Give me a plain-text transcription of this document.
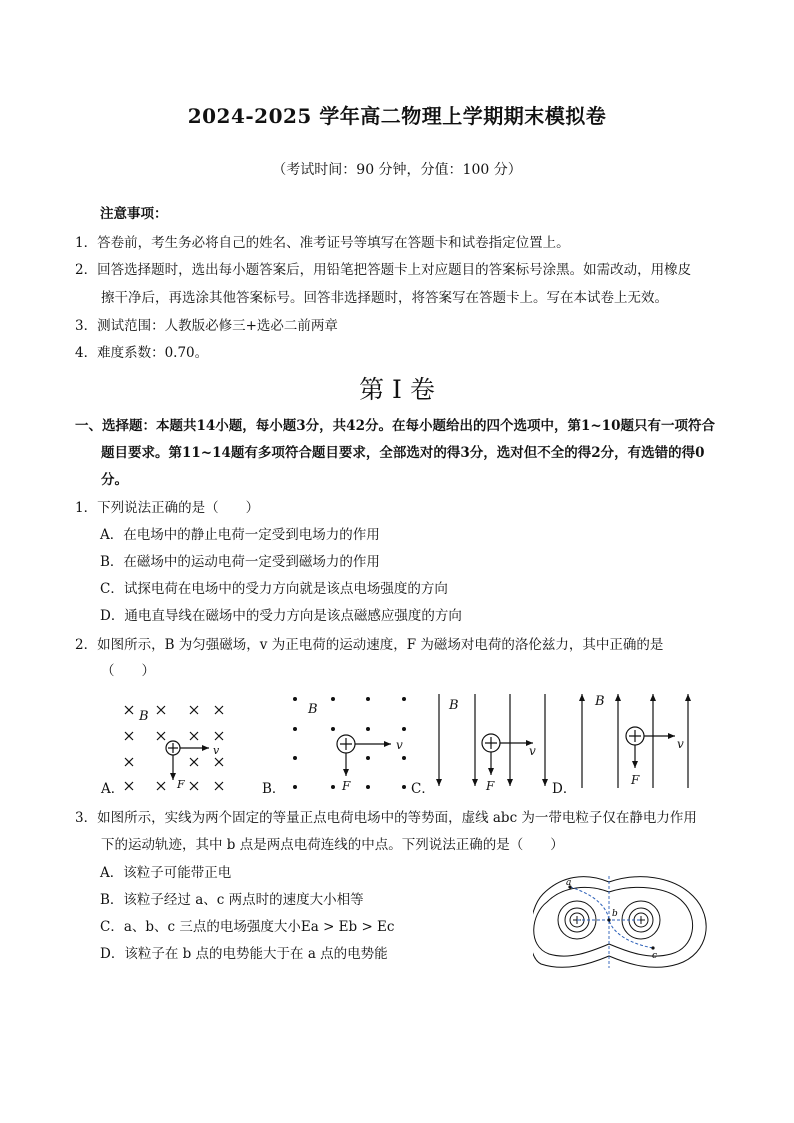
2024-2025 学年高二物理上学期期末模拟卷
（考试时间：90 分钟，分值：100 分）
注意事项：
1．答卷前，考生务必将自己的姓名、准考证号等填写在答题卡和试卷指定位置上。
2．回答选择题时，选出每小题答案后，用铅笔把答题卡上对应题目的答案标号涂黑。如需改动，用橡皮
擦干净后，再选涂其他答案标号。回答非选择题时，将答案写在答题卡上。写在本试卷上无效。
3．测试范围：人教版必修三+选必二前两章
4．难度系数：0.70。
第 I 卷
一、选择题：本题共14小题，每小题3分，共42分。在每小题给出的四个选项中，第1~10题只有一项符合
题目要求。第11~14题有多项符合题目要求，全部选对的得3分，选对但不全的得2分，有选错的得0
分。
1．下列说法正确的是（　　）
A．在电场中的静止电荷一定受到电场力的作用
B．在磁场中的运动电荷一定受到磁场力的作用
C．试探电荷在电场中的受力方向就是该点电场强度的方向
D．通电直导线在磁场中的受力方向是该点磁感应强度的方向
2．如图所示，B 为匀强磁场，v 为正电荷的运动速度，F 为磁场对电荷的洛伦兹力，其中正确的是
（　　）
B
v
F
A．
B
v
F
B．
B
v
F
C．
B
v
F
D．
3．如图所示，实线为两个固定的等量正点电荷电场中的等势面，虚线 abc 为一带电粒子仅在静电力作用
下的运动轨迹，其中 b 点是两点电荷连线的中点。下列说法正确的是（　　）
A．该粒子可能带正电
B．该粒子经过 a、c 两点时的速度大小相等
C．a、b、c 三点的电场强度大小Ea > Eb > Ec
D．该粒子在 b 点的电势能大于在 a 点的电势能
a
b
c
